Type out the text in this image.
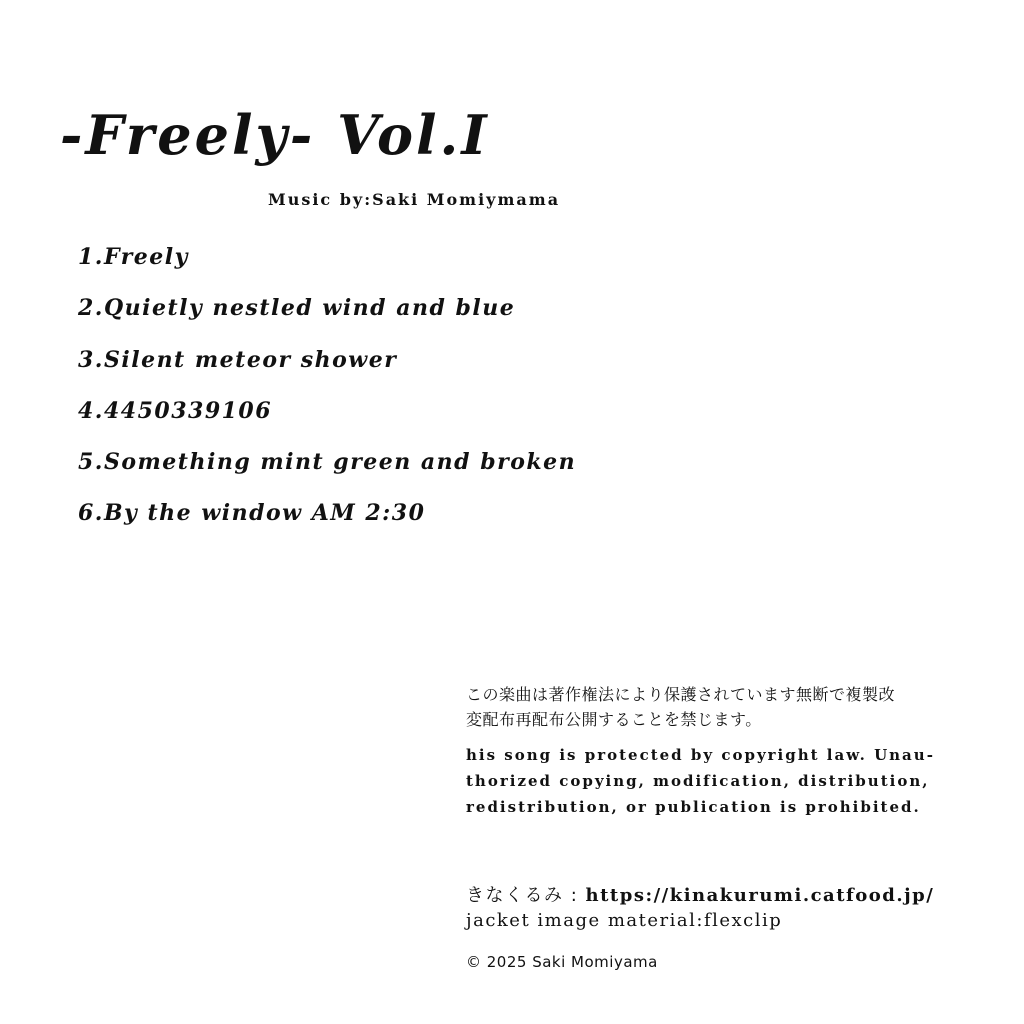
-Freely- Vol.Ⅰ
Music by:Saki Momiymama
1.Freely
2.Quietly nestled wind and blue
3.Silent meteor shower
4.4450339106
5.Something mint green and broken
6.By the window AM 2:30

この楽曲は著作権法により保護されています無断で複製改
変配布再配布公開することを禁じます。

his song is protected by copyright law. Unauthorized copying, modification, distribution, redistribution, or publication is prohibited.

きなくるみ : https://kinakurumi.catfood.jp/
jacket image material:flexclip
© 2025 Saki Momiyama
